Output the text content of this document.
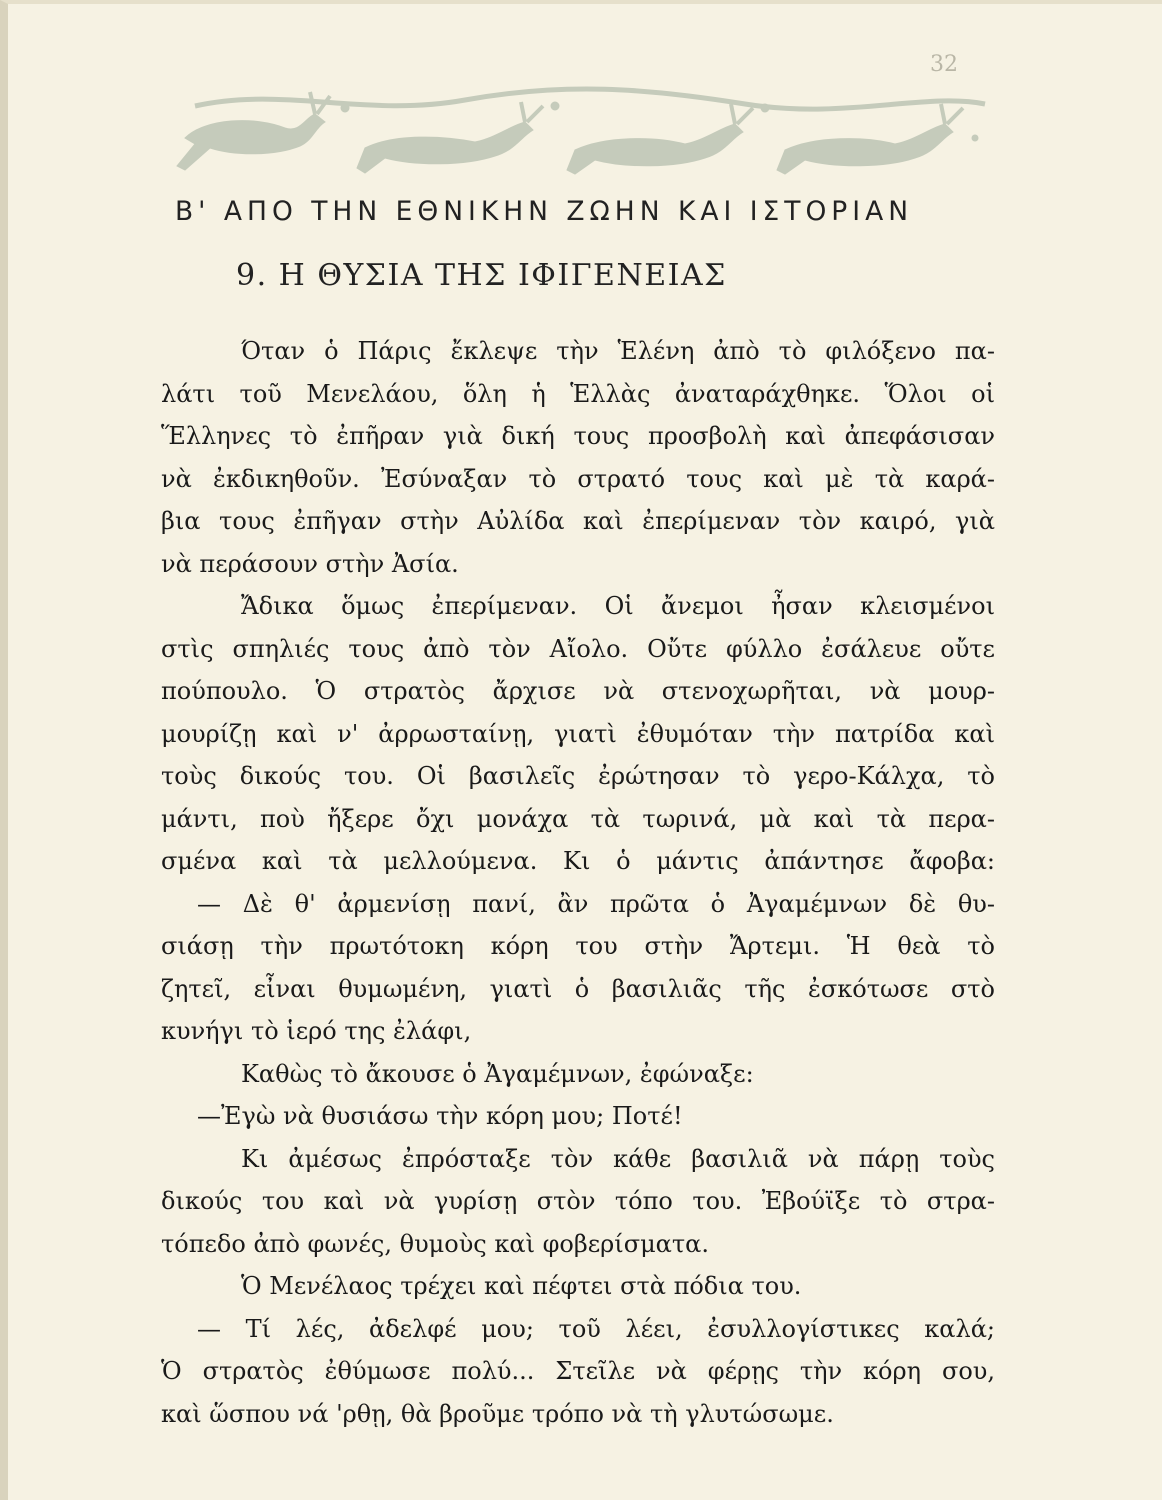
32
Β' ΑΠΟ ΤΗΝ ΕΘΝΙΚΗΝ ΖΩΗΝ ΚΑΙ ΙΣΤΟΡΙΑΝ
9. Η ΘΥΣΙΑ ΤΗΣ ΙΦΙΓΕΝΕΙΑΣ
Όταν ὁ Πάρις ἔκλεψε τὴν Ἑλένη ἀπὸ τὸ φιλόξενο πα-
λάτι τοῦ Μενελάου, ὅλη ἡ Ἑλλὰς ἀναταράχθηκε. Ὅλοι οἱ
Ἕλληνες τὸ ἐπῆραν γιὰ δική τους προσβολὴ καὶ ἀπεφάσισαν
νὰ ἐκδικηθοῦν. Ἐσύναξαν τὸ στρατό τους καὶ μὲ τὰ καρά-
βια τους ἐπῆγαν στὴν Αὐλίδα καὶ ἐπερίμεναν τὸν καιρό, γιὰ
νὰ περάσουν στὴν Ἀσία.
Ἄδικα ὅμως ἐπερίμεναν. Οἱ ἄνεμοι ἦσαν κλεισμένοι
στὶς σπηλιές τους ἀπὸ τὸν Αἴολο. Οὔτε φύλλο ἐσάλευε οὔτε
πούπουλο. Ὁ στρατὸς ἄρχισε νὰ στενοχωρῆται, νὰ μουρ-
μουρίζῃ καὶ ν' ἀρρωσταίνῃ, γιατὶ ἐθυμόταν τὴν πατρίδα καὶ
τοὺς δικούς του. Οἱ βασιλεῖς ἐρώτησαν τὸ γερο-Κάλχα, τὸ
μάντι, ποὺ ἤξερε ὄχι μονάχα τὰ τωρινά, μὰ καὶ τὰ περα-
σμένα καὶ τὰ μελλούμενα. Κι ὁ μάντις ἀπάντησε ἄφοβα:
— Δὲ θ' ἀρμενίσῃ πανί, ἂν πρῶτα ὁ Ἀγαμέμνων δὲ θυ-
σιάσῃ τὴν πρωτότοκη κόρη του στὴν Ἄρτεμι. Ἡ θεὰ τὸ
ζητεῖ, εἶναι θυμωμένη, γιατὶ ὁ βασιλιᾶς τῆς ἐσκότωσε στὸ
κυνήγι τὸ ἱερό της ἐλάφι,
Καθὼς τὸ ἄκουσε ὁ Ἀγαμέμνων, ἐφώναξε:
—Ἐγὼ νὰ θυσιάσω τὴν κόρη μου; Ποτέ!
Κι ἀμέσως ἐπρόσταξε τὸν κάθε βασιλιᾶ νὰ πάρῃ τοὺς
δικούς του καὶ νὰ γυρίσῃ στὸν τόπο του. Ἐβούϊξε τὸ στρα-
τόπεδο ἀπὸ φωνές, θυμοὺς καὶ φοβερίσματα.
Ὁ Μενέλαος τρέχει καὶ πέφτει στὰ πόδια του.
— Τί λές, ἀδελφέ μου; τοῦ λέει, ἐσυλλογίστικες καλά;
Ὁ στρατὸς ἐθύμωσε πολύ... Στεῖλε νὰ φέρῃς τὴν κόρη σου,
καὶ ὥσπου νά 'ρθῃ, θὰ βροῦμε τρόπο νὰ τὴ γλυτώσωμε.
